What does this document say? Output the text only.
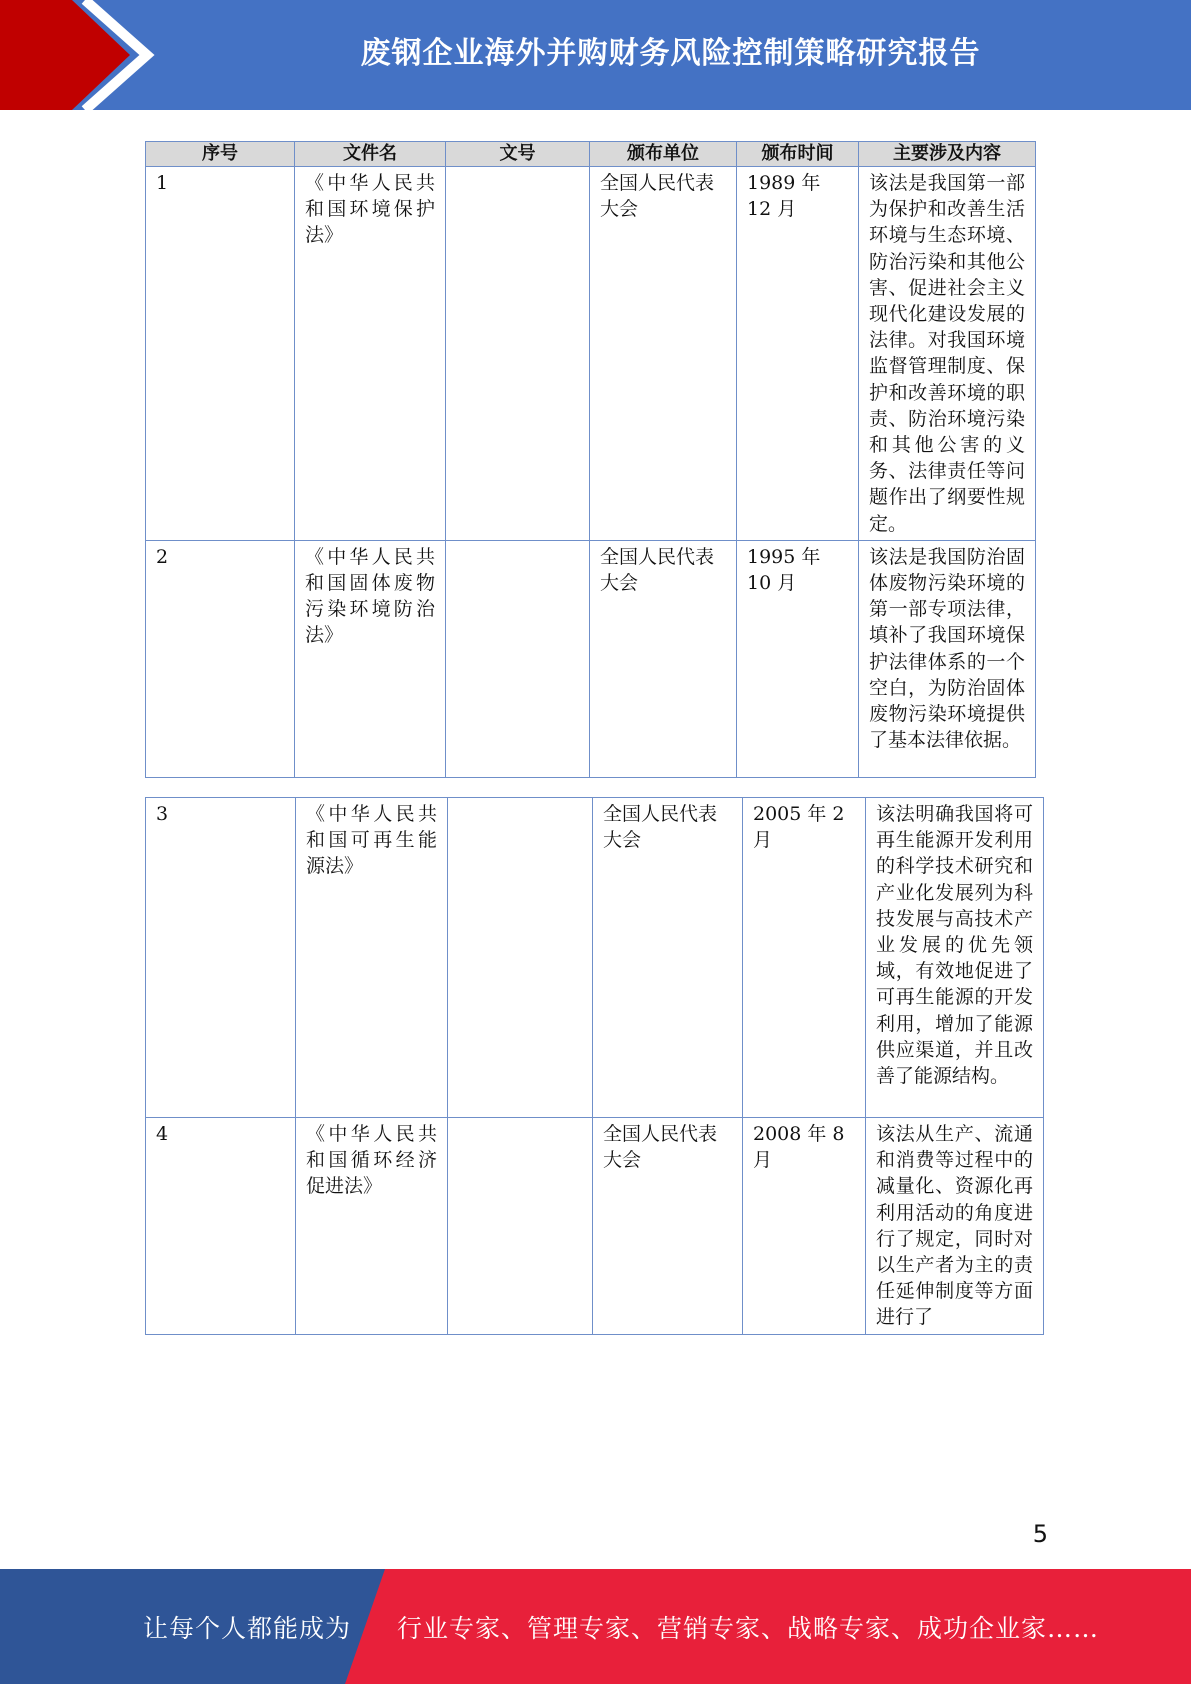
废钢企业海外并购财务风险控制策略研究报告
序号	文件名	文号	颁布单位	颁布时间	主要涉及内容
1	《中华人民共和国环境保护法》		全国人民代表大会	1989 年 12 月	该法是我国第一部为保护和改善生活环境与生态环境、防治污染和其他公害、促进社会主义现代化建设发展的法律。对我国环境监督管理制度、保护和改善环境的职责、防治环境污染和其他公害的义务、法律责任等问题作出了纲要性规定。
2	《中华人民共和国固体废物污染环境防治法》		全国人民代表大会	1995 年 10 月	该法是我国防治固体废物污染环境的第一部专项法律，填补了我国环境保护法律体系的一个空白，为防治固体废物污染环境提供了基本法律依据。
3	《中华人民共和国可再生能源法》		全国人民代表大会	2005 年 2 月	该法明确我国将可再生能源开发利用的科学技术研究和产业化发展列为科技发展与高技术产业发展的优先领域，有效地促进了可再生能源的开发利用，增加了能源供应渠道，并且改善了能源结构。
4	《中华人民共和国循环经济促进法》		全国人民代表大会	2008 年 8 月	该法从生产、流通和消费等过程中的减量化、资源化再利用活动的角度进行了规定，同时对以生产者为主的责任延伸制度等方面进行了
5
让每个人都能成为 行业专家、管理专家、营销专家、战略专家、成功企业家……
